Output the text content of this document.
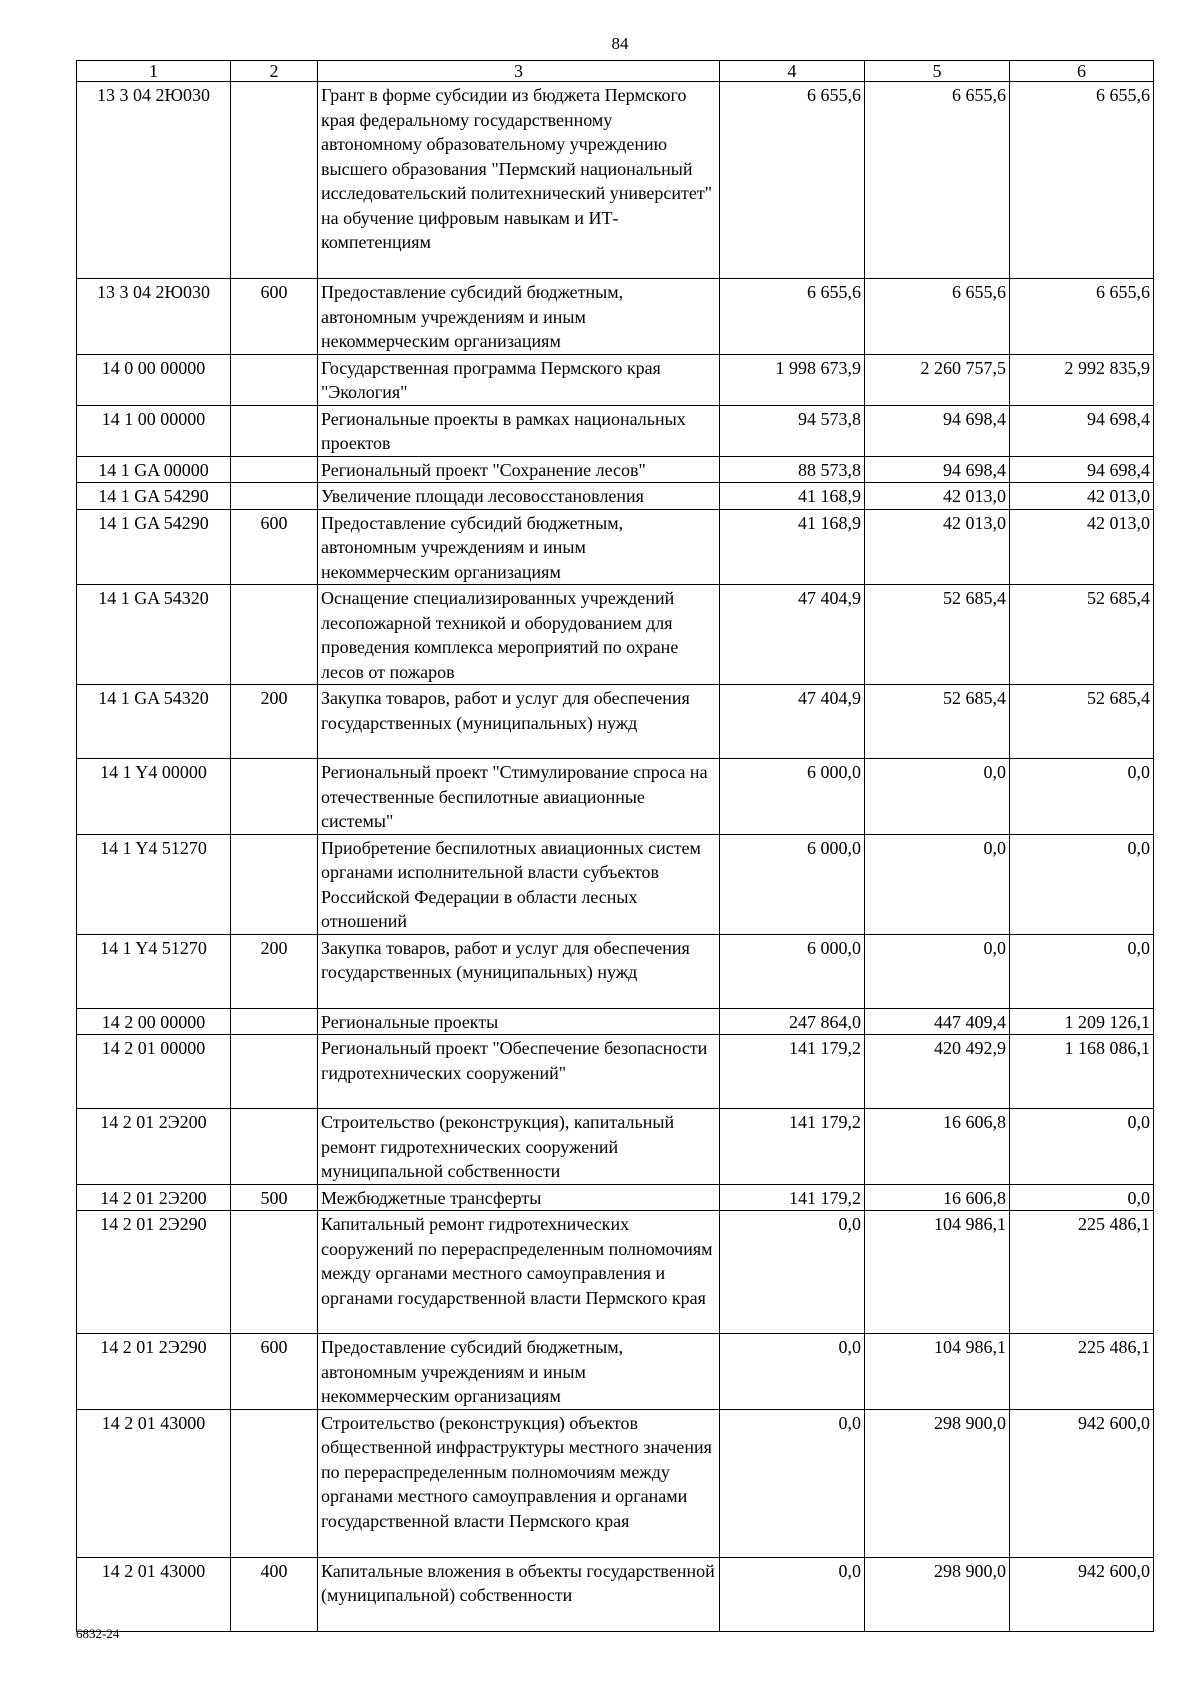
84
1	2	3	4	5	6
13 3 04 2Ю030		Грант в форме субсидии из бюджета Пермского края федеральному государственному автономному образовательному учреждению высшего образования "Пермский национальный исследовательский политехнический университет" на обучение цифровым навыкам и ИТ-компетенциям	6 655,6	6 655,6	6 655,6
13 3 04 2Ю030	600	Предоставление субсидий бюджетным, автономным учреждениям и иным некоммерческим организациям	6 655,6	6 655,6	6 655,6
14 0 00 00000		Государственная программа Пермского края "Экология"	1 998 673,9	2 260 757,5	2 992 835,9
14 1 00 00000		Региональные проекты в рамках национальных проектов	94 573,8	94 698,4	94 698,4
14 1 GA 00000		Региональный проект "Сохранение лесов"	88 573,8	94 698,4	94 698,4
14 1 GA 54290		Увеличение площади лесовосстановления	41 168,9	42 013,0	42 013,0
14 1 GA 54290	600	Предоставление субсидий бюджетным, автономным учреждениям и иным некоммерческим организациям	41 168,9	42 013,0	42 013,0
14 1 GA 54320		Оснащение специализированных учреждений лесопожарной техникой и оборудованием для проведения комплекса мероприятий по охране лесов от пожаров	47 404,9	52 685,4	52 685,4
14 1 GA 54320	200	Закупка товаров, работ и услуг для обеспечения государственных (муниципальных) нужд	47 404,9	52 685,4	52 685,4
14 1 Y4 00000		Региональный проект "Стимулирование спроса на отечественные беспилотные авиационные системы"	6 000,0	0,0	0,0
14 1 Y4 51270		Приобретение беспилотных авиационных систем органами исполнительной власти субъектов Российской Федерации в области лесных отношений	6 000,0	0,0	0,0
14 1 Y4 51270	200	Закупка товаров, работ и услуг для обеспечения государственных (муниципальных) нужд	6 000,0	0,0	0,0
14 2 00 00000		Региональные проекты	247 864,0	447 409,4	1 209 126,1
14 2 01 00000		Региональный проект "Обеспечение безопасности гидротехнических сооружений"	141 179,2	420 492,9	1 168 086,1
14 2 01 2Э200		Строительство (реконструкция), капитальный ремонт гидротехнических сооружений муниципальной собственности	141 179,2	16 606,8	0,0
14 2 01 2Э200	500	Межбюджетные трансферты	141 179,2	16 606,8	0,0
14 2 01 2Э290		Капитальный ремонт гидротехнических сооружений по перераспределенным полномочиям между органами местного самоуправления и органами государственной власти Пермского края	0,0	104 986,1	225 486,1
14 2 01 2Э290	600	Предоставление субсидий бюджетным, автономным учреждениям и иным некоммерческим организациям	0,0	104 986,1	225 486,1
14 2 01 43000		Строительство (реконструкция) объектов общественной инфраструктуры местного значения по перераспределенным полномочиям между органами местного самоуправления и органами государственной власти Пермского края	0,0	298 900,0	942 600,0
14 2 01 43000	400	Капитальные вложения в объекты государственной (муниципальной) собственности	0,0	298 900,0	942 600,0
6832-24
